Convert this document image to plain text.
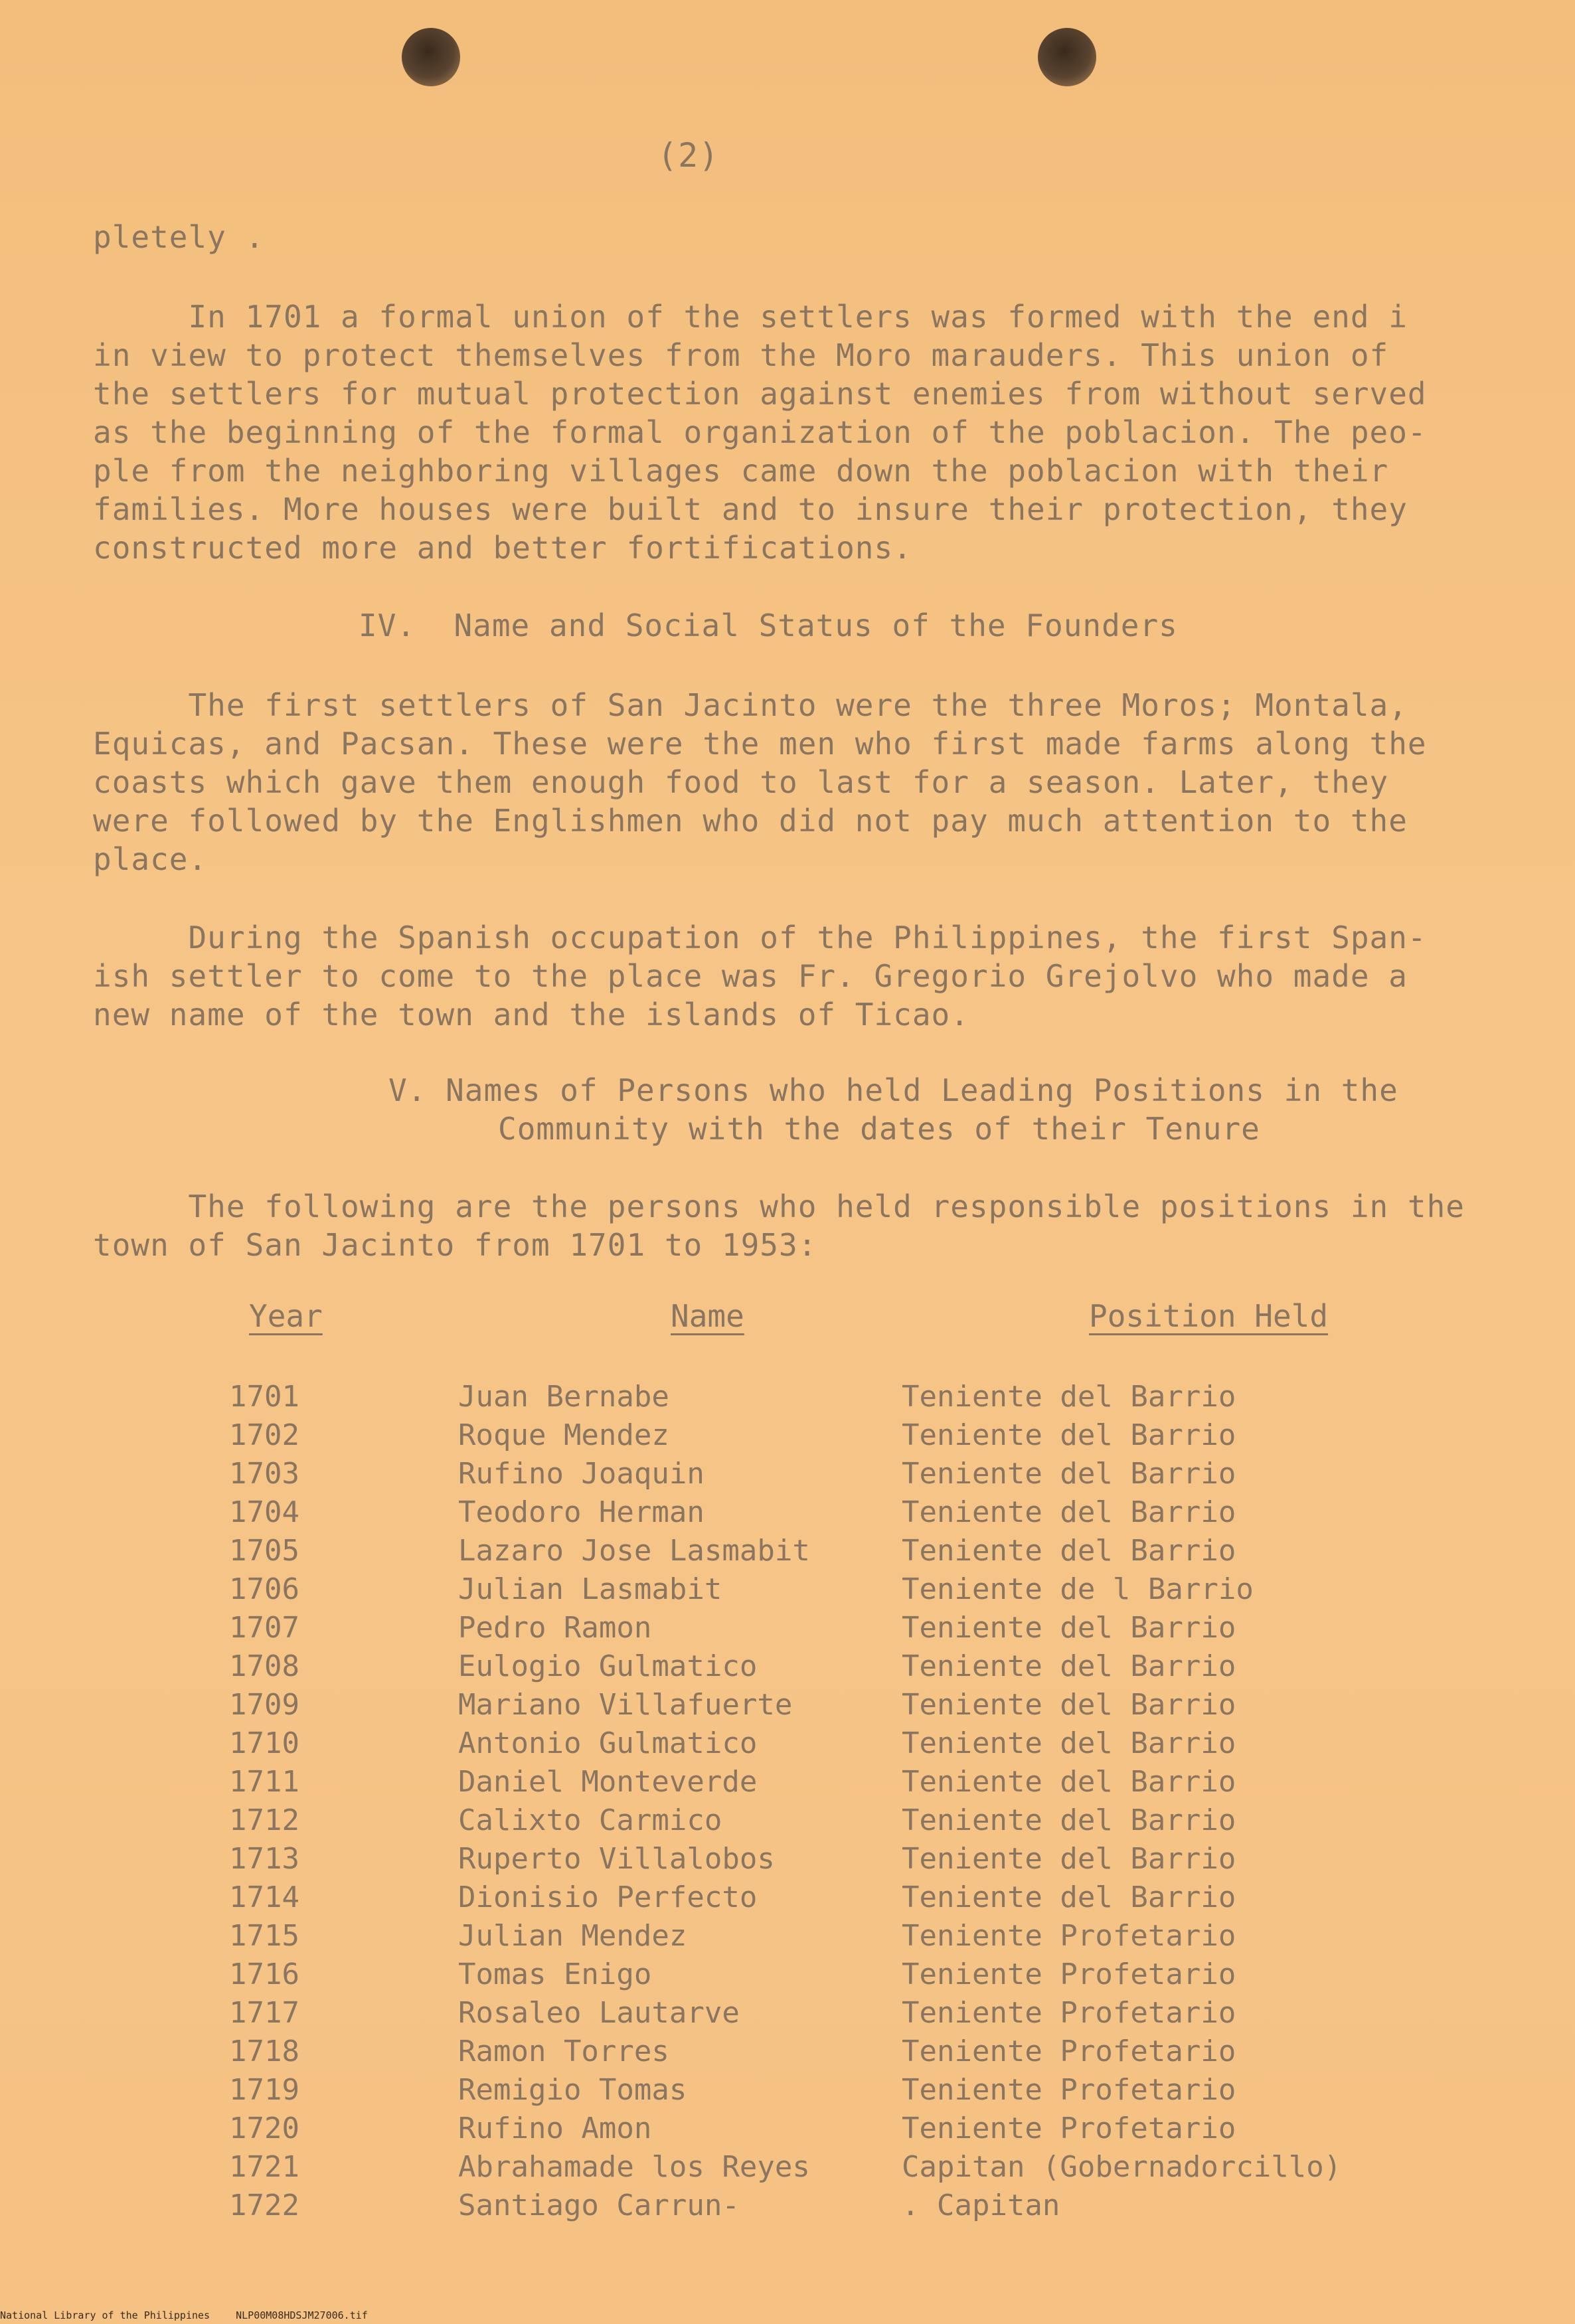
(2)
pletely .
In 1701 a formal union of the settlers was formed with the end i
in view to protect themselves from the Moro marauders. This union of
the settlers for mutual protection against enemies from without served
as the beginning of the formal organization of the poblacion. The peo-
ple from the neighboring villages came down the poblacion with their
families. More houses were built and to insure their protection, they
constructed more and better fortifications.
IV.  Name and Social Status of the Founders
The first settlers of San Jacinto were the three Moros; Montala,
Equicas, and Pacsan. These were the men who first made farms along the
coasts which gave them enough food to last for a season. Later, they
were followed by the Englishmen who did not pay much attention to the
place.
During the Spanish occupation of the Philippines, the first Span-
ish settler to come to the place was Fr. Gregorio Grejolvo who made a
new name of the town and the islands of Ticao.
V. Names of Persons who held Leading Positions in the
Community with the dates of their Tenure
The following are the persons who held responsible positions in the
town of San Jacinto from 1701 to 1953:
Year	Name	Position Held
1701	Juan Bernabe	Teniente del Barrio
1702	Roque Mendez	Teniente del Barrio
1703	Rufino Joaquin	Teniente del Barrio
1704	Teodoro Herman	Teniente del Barrio
1705	Lazaro Jose Lasmabit	Teniente del Barrio
1706	Julian Lasmabit	Teniente de l Barrio
1707	Pedro Ramon	Teniente del Barrio
1708	Eulogio Gulmatico	Teniente del Barrio
1709	Mariano Villafuerte	Teniente del Barrio
1710	Antonio Gulmatico	Teniente del Barrio
1711	Daniel Monteverde	Teniente del Barrio
1712	Calixto Carmico	Teniente del Barrio
1713	Ruperto Villalobos	Teniente del Barrio
1714	Dionisio Perfecto	Teniente del Barrio
1715	Julian Mendez	Teniente Profetario
1716	Tomas Enigo	Teniente Profetario
1717	Rosaleo Lautarve	Teniente Profetario
1718	Ramon Torres	Teniente Profetario
1719	Remigio Tomas	Teniente Profetario
1720	Rufino Amon	Teniente Profetario
1721	Abrahamade los Reyes	Capitan (Gobernadorcillo)
1722	Santiago Carrun-	. Capitan
National Library of the Philippines	NLP00M08HDSJM27006.tif
